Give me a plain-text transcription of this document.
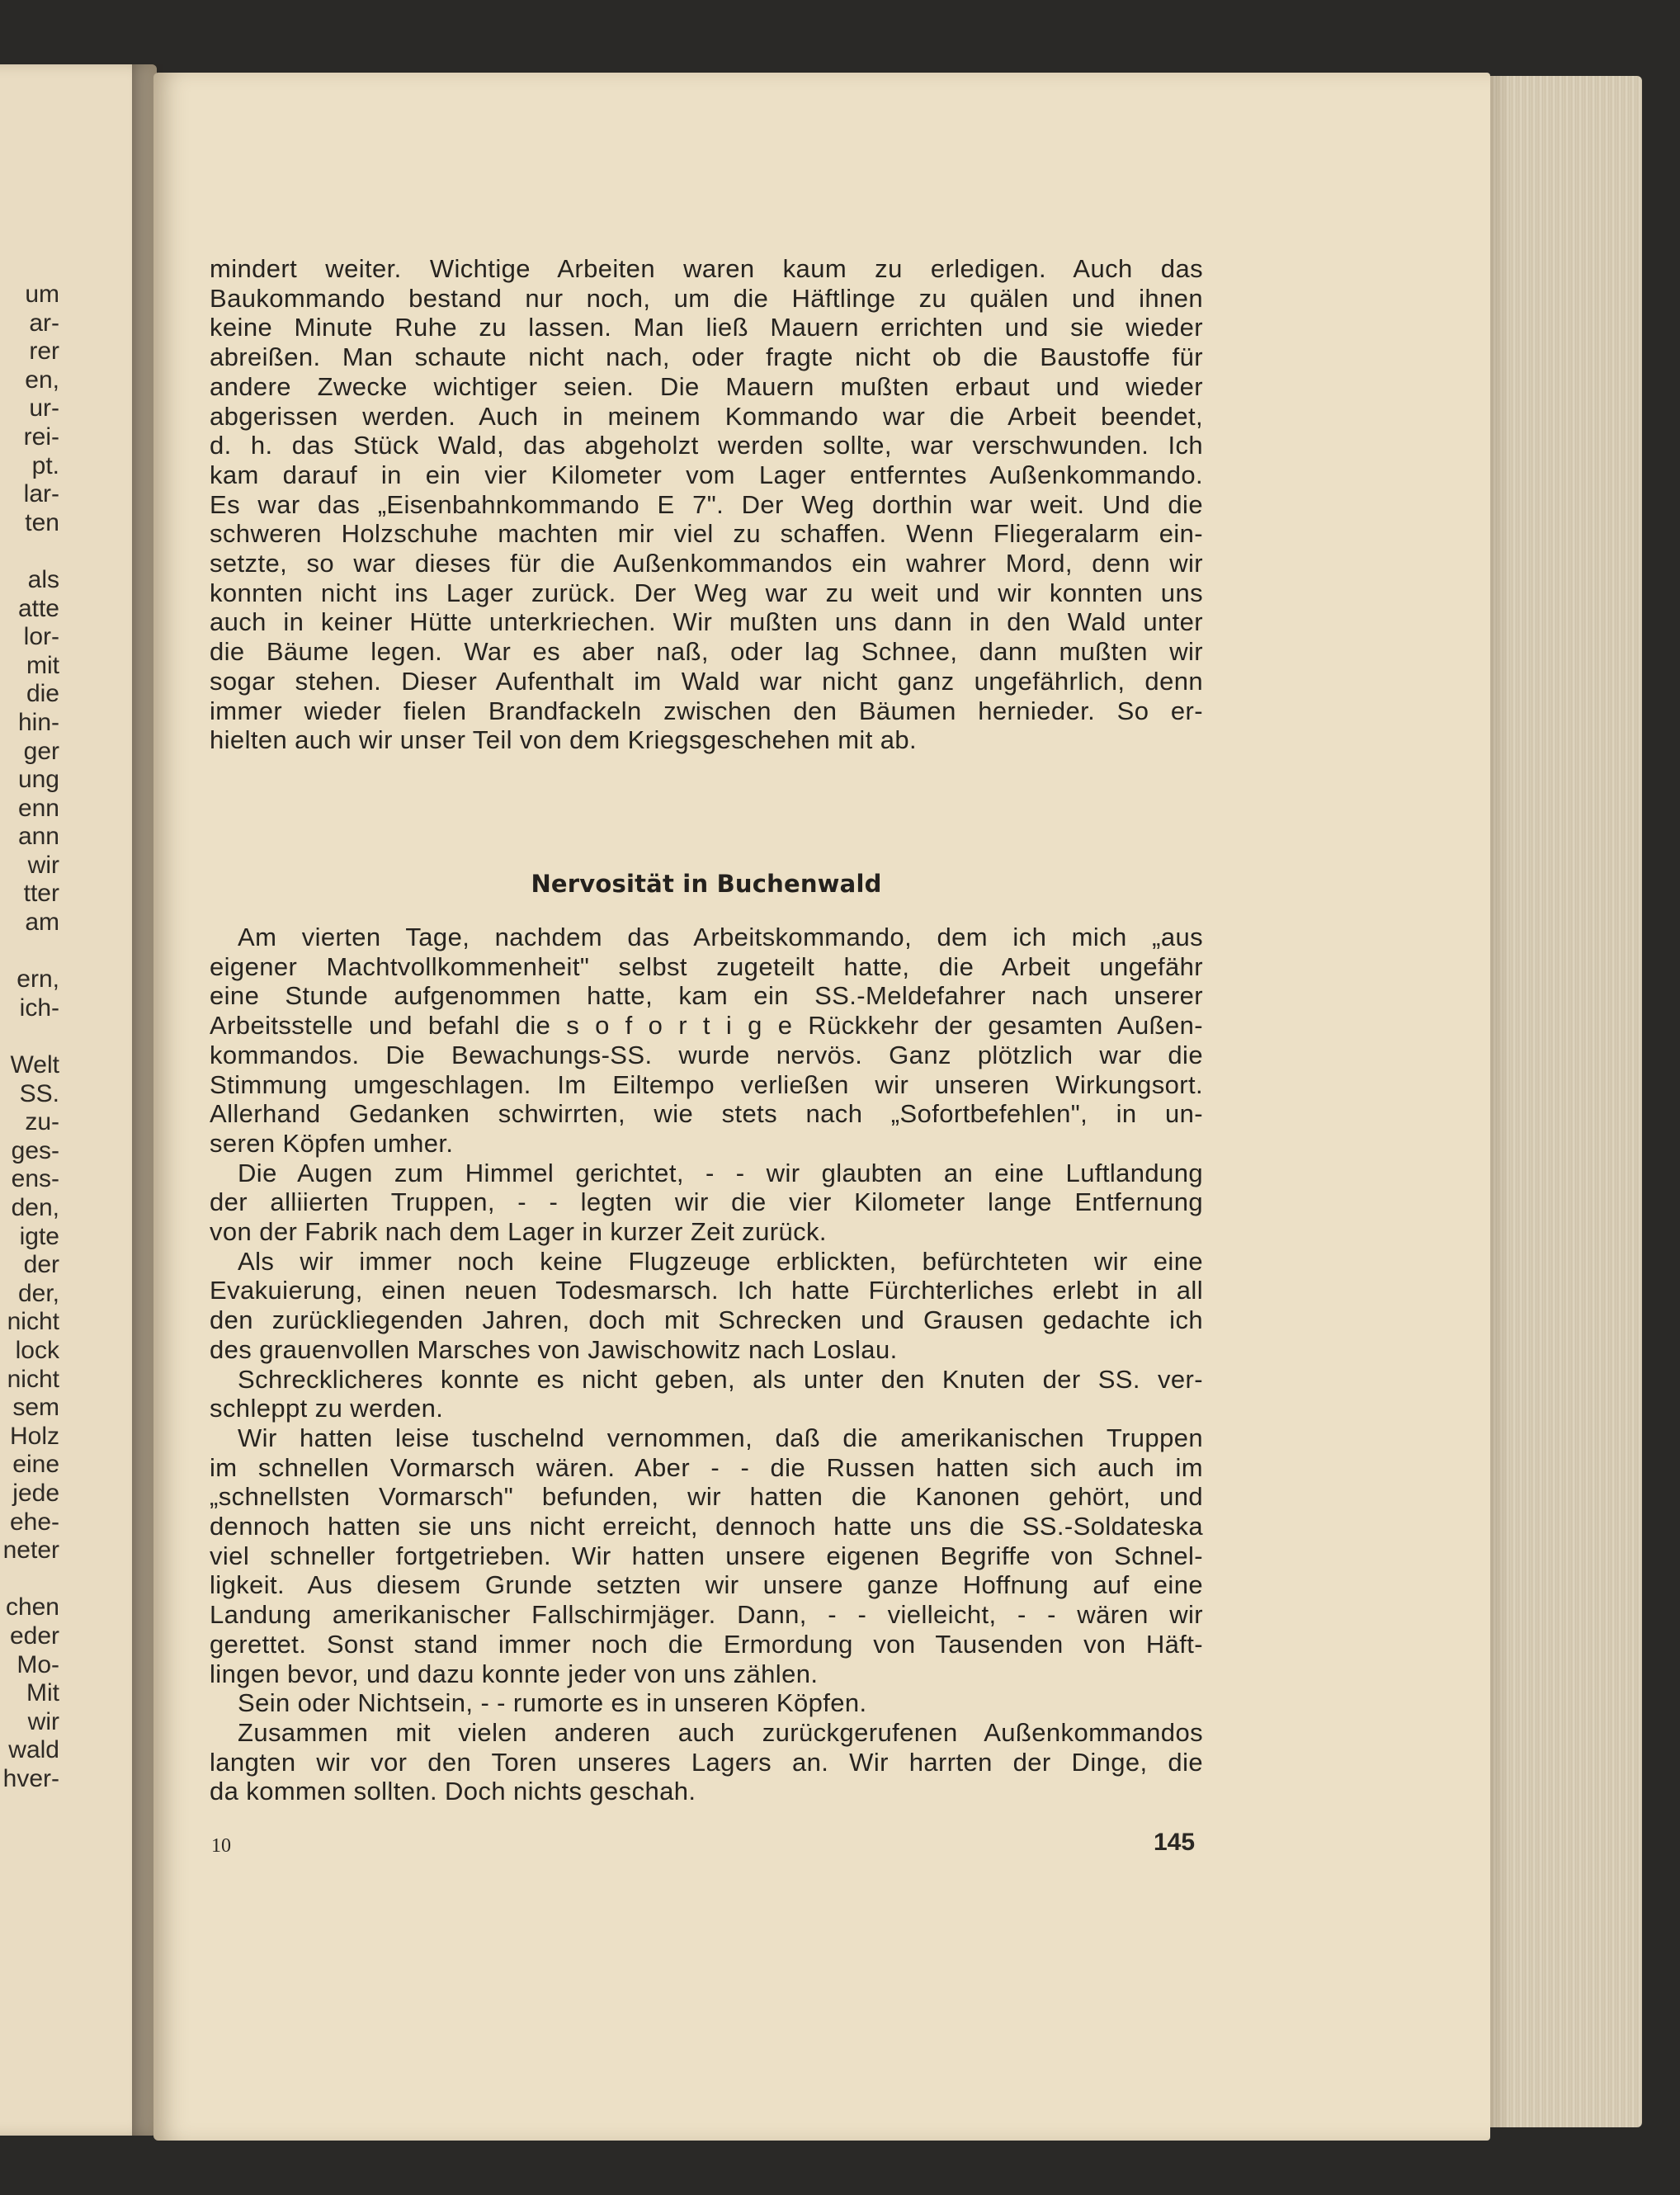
um
ar-
rer
en,
ur-
rei-
pt.
lar-
ten

als
atte
lor-
mit
die
hin-
ger
ung
enn
ann
wir
tter
am

ern,
ich-

Welt
SS.
zu-
ges-
ens-
den,
igte
der
der,
nicht
lock
nicht
sem
Holz
eine
jede
ehe-
neter

chen
eder
Mo-
Mit
wir
wald
hver-
mindert weiter. Wichtige Arbeiten waren kaum zu erledigen. Auch das
Baukommando bestand nur noch, um die Häftlinge zu quälen und ihnen
keine Minute Ruhe zu lassen. Man ließ Mauern errichten und sie wieder
abreißen. Man schaute nicht nach, oder fragte nicht ob die Baustoffe für
andere Zwecke wichtiger seien. Die Mauern mußten erbaut und wieder
abgerissen werden. Auch in meinem Kommando war die Arbeit beendet,
d. h. das Stück Wald, das abgeholzt werden sollte, war verschwunden. Ich
kam darauf in ein vier Kilometer vom Lager entferntes Außenkommando.
Es war das „Eisenbahnkommando E 7". Der Weg dorthin war weit. Und die
schweren Holzschuhe machten mir viel zu schaffen. Wenn Fliegeralarm ein-
setzte, so war dieses für die Außenkommandos ein wahrer Mord, denn wir
konnten nicht ins Lager zurück. Der Weg war zu weit und wir konnten uns
auch in keiner Hütte unterkriechen. Wir mußten uns dann in den Wald unter
die Bäume legen. War es aber naß, oder lag Schnee, dann mußten wir
sogar stehen. Dieser Aufenthalt im Wald war nicht ganz ungefährlich, denn
immer wieder fielen Brandfackeln zwischen den Bäumen hernieder. So er-
hielten auch wir unser Teil von dem Kriegsgeschehen mit ab.
Nervosität in Buchenwald
Am vierten Tage, nachdem das Arbeitskommando, dem ich mich „aus
eigener Machtvollkommenheit" selbst zugeteilt hatte, die Arbeit ungefähr
eine Stunde aufgenommen hatte, kam ein SS.-Meldefahrer nach unserer
Arbeitsstelle und befahl die s o f o r t i g e Rückkehr der gesamten Außen-
kommandos. Die Bewachungs-SS. wurde nervös. Ganz plötzlich war die
Stimmung umgeschlagen. Im Eiltempo verließen wir unseren Wirkungsort.
Allerhand Gedanken schwirrten, wie stets nach „Sofortbefehlen", in un-
seren Köpfen umher.
Die Augen zum Himmel gerichtet, - - wir glaubten an eine Luftlandung
der alliierten Truppen, - - legten wir die vier Kilometer lange Entfernung
von der Fabrik nach dem Lager in kurzer Zeit zurück.
Als wir immer noch keine Flugzeuge erblickten, befürchteten wir eine
Evakuierung, einen neuen Todesmarsch. Ich hatte Fürchterliches erlebt in all
den zurückliegenden Jahren, doch mit Schrecken und Grausen gedachte ich
des grauenvollen Marsches von Jawischowitz nach Loslau.
Schrecklicheres konnte es nicht geben, als unter den Knuten der SS. ver-
schleppt zu werden.
Wir hatten leise tuschelnd vernommen, daß die amerikanischen Truppen
im schnellen Vormarsch wären. Aber - - die Russen hatten sich auch im
„schnellsten Vormarsch" befunden, wir hatten die Kanonen gehört, und
dennoch hatten sie uns nicht erreicht, dennoch hatte uns die SS.-Soldateska
viel schneller fortgetrieben. Wir hatten unsere eigenen Begriffe von Schnel-
ligkeit. Aus diesem Grunde setzten wir unsere ganze Hoffnung auf eine
Landung amerikanischer Fallschirmjäger. Dann, - - vielleicht, - - wären wir
gerettet. Sonst stand immer noch die Ermordung von Tausenden von Häft-
lingen bevor, und dazu konnte jeder von uns zählen.
Sein oder Nichtsein, - - rumorte es in unseren Köpfen.
Zusammen mit vielen anderen auch zurückgerufenen Außenkommandos
langten wir vor den Toren unseres Lagers an. Wir harrten der Dinge, die
da kommen sollten. Doch nichts geschah.
10	145
